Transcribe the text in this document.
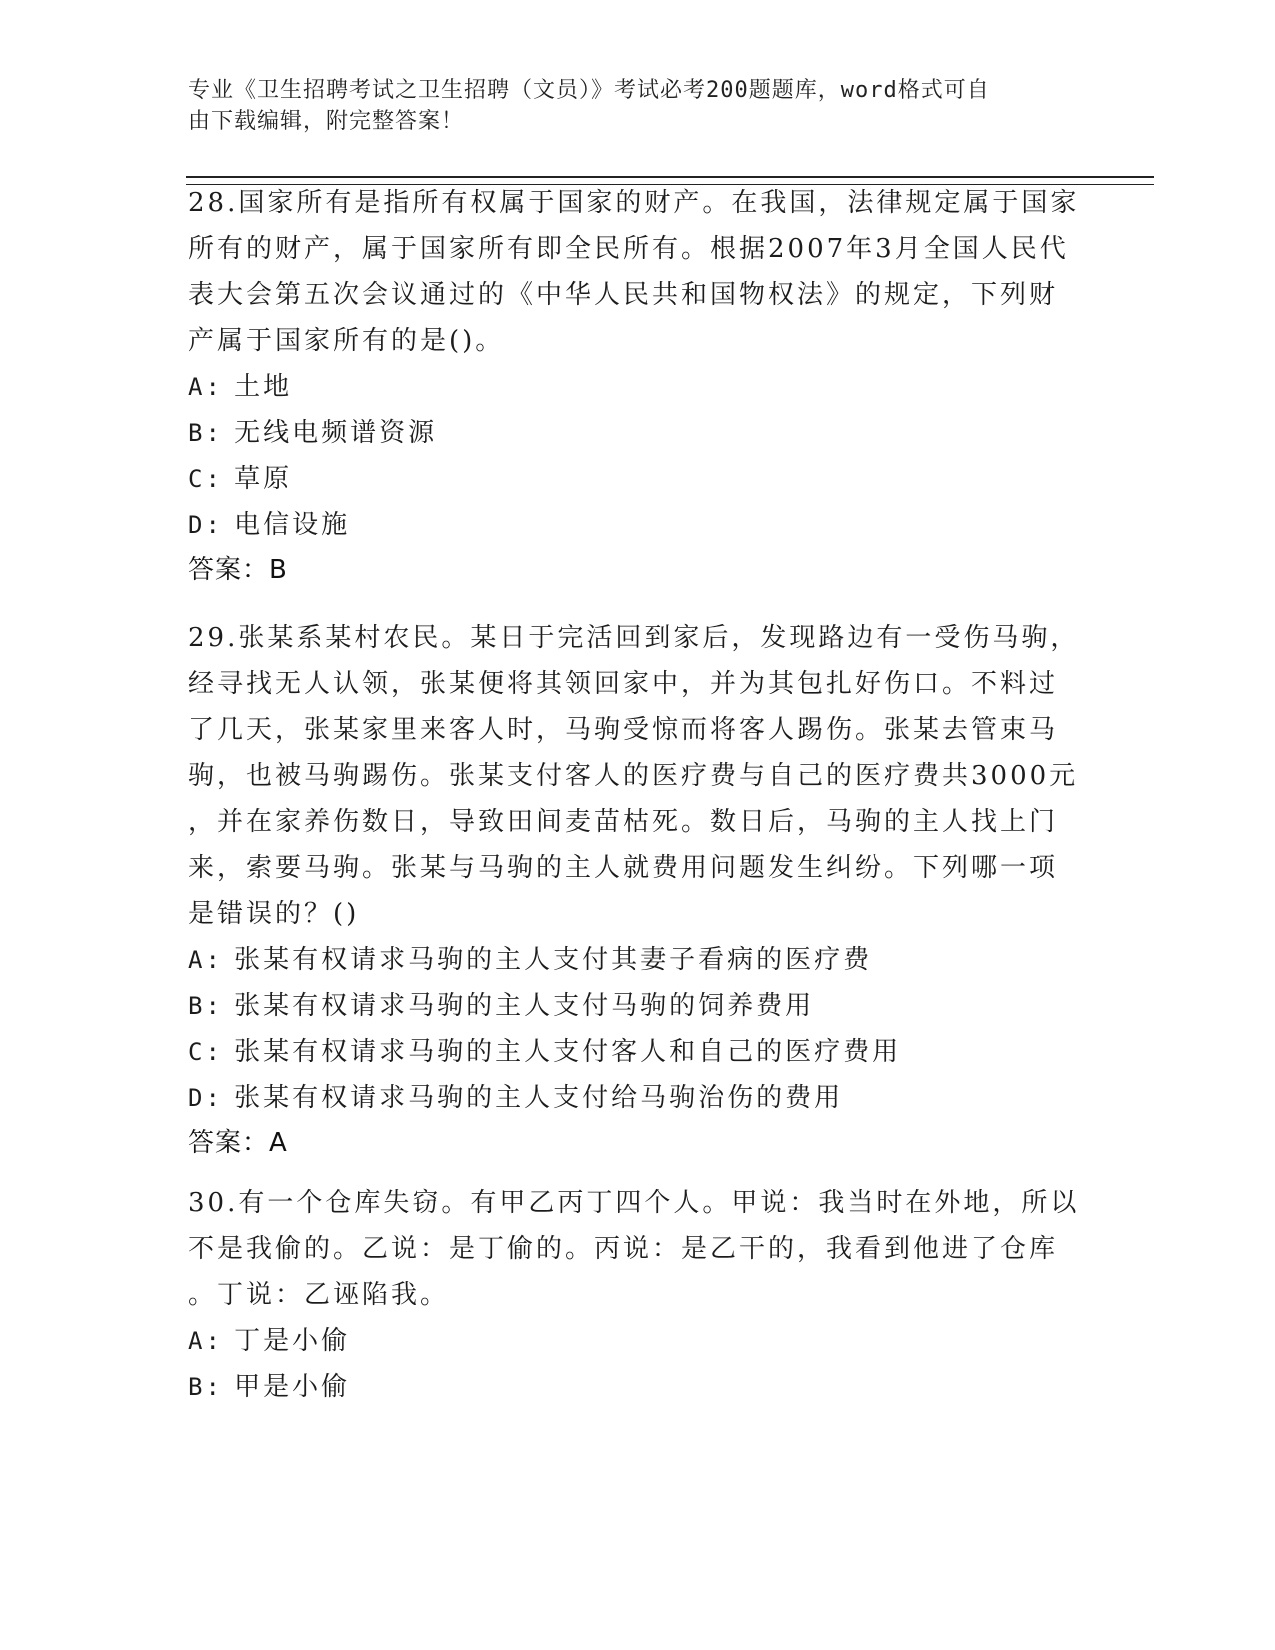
专业《卫生招聘考试之卫生招聘（文员）》考试必考200题题库，word格式可自

由下载编辑，附完整答案！

28.国家所有是指所有权属于国家的财产。在我国，法律规定属于国家

所有的财产，属于国家所有即全民所有。根据2007年3月全国人民代

表大会第五次会议通过的《中华人民共和国物权法》的规定，下列财

产属于国家所有的是()。

A: 土地

B: 无线电频谱资源

C: 草原

D: 电信设施

答案：B

29.张某系某村农民。某日于完活回到家后，发现路边有一受伤马驹，

经寻找无人认领，张某便将其领回家中，并为其包扎好伤口。不料过

了几天，张某家里来客人时，马驹受惊而将客人踢伤。张某去管束马

驹，也被马驹踢伤。张某支付客人的医疗费与自己的医疗费共3000元

，并在家养伤数日，导致田间麦苗枯死。数日后，马驹的主人找上门

来，索要马驹。张某与马驹的主人就费用问题发生纠纷。下列哪一项

是错误的？()

A: 张某有权请求马驹的主人支付其妻子看病的医疗费

B: 张某有权请求马驹的主人支付马驹的饲养费用

C: 张某有权请求马驹的主人支付客人和自己的医疗费用

D: 张某有权请求马驹的主人支付给马驹治伤的费用

答案：A

30.有一个仓库失窃。有甲乙丙丁四个人。甲说：我当时在外地，所以

不是我偷的。乙说：是丁偷的。丙说：是乙干的，我看到他进了仓库

。丁说：乙诬陷我。

A: 丁是小偷

B: 甲是小偷
